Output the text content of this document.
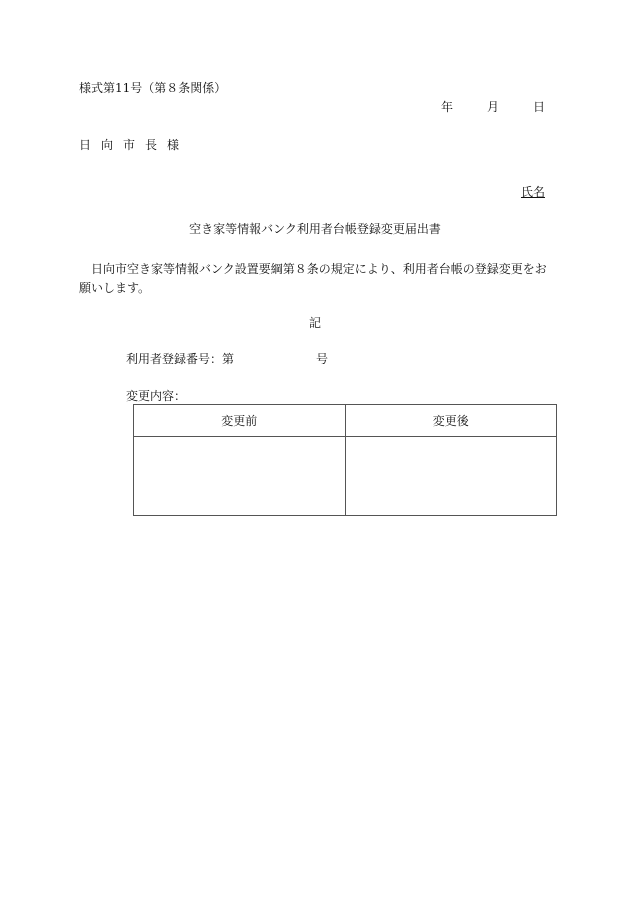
様式第11号（第８条関係）
年	月	日
日向市長様
氏名
空き家等情報バンク利用者台帳登録変更届出書
　日向市空き家等情報バンク設置要綱第８条の規定により、利用者台帳の登録変更をお願いします。
記
利用者登録番号：第	号
変更内容：
変更前	変更後
